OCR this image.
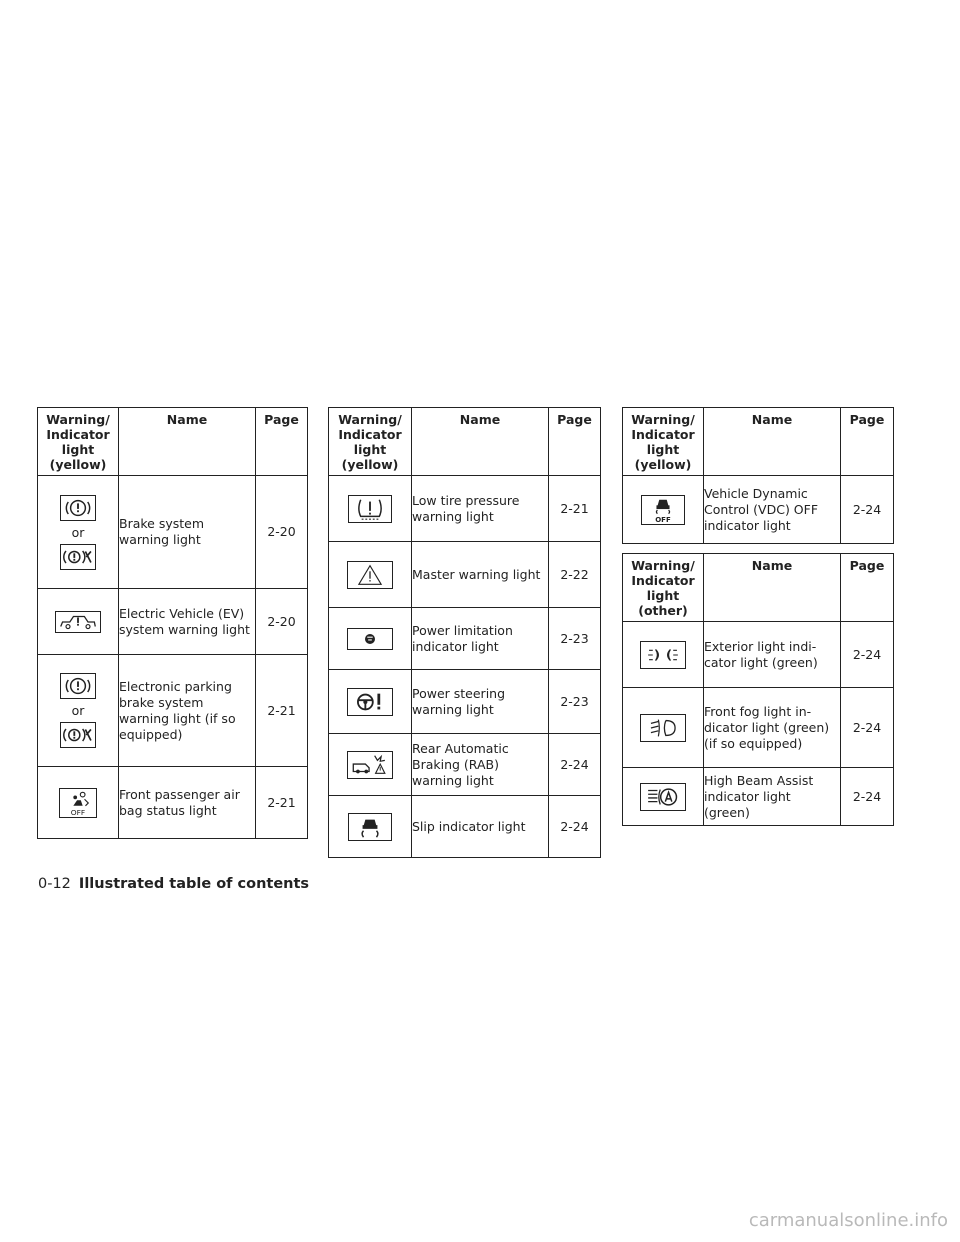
Warning/ Indicator light (yellow)	Name	Page

or	Brake system warning light	2-20

Electric Vehicle (EV) system warning light	2-20

or	Electronic parking brake system warning light (if so equipped)	2-21

OFF	Front passenger air bag status light	2-21
Warning/ Indicator light (yellow)	Name	Page

Low tire pressure warning light	2-21

Master warning light	2-22

Power limitation indicator light	2-23

Power steering warning light	2-23

Rear Automatic Braking (RAB) warning light	2-24

Slip indicator light	2-24
Warning/ Indicator light (yellow)	Name	Page

OFF	Vehicle Dynamic Control (VDC) OFF indicator light	2-24
Warning/ Indicator light (other)	Name	Page

Exterior light indi- cator light (green)	2-24

Front fog light in- dicator light (green) (if so equipped)	2-24

High Beam Assist indicator light (green)	2-24
0-12 Illustrated table of contents
carmanualsonline.info
